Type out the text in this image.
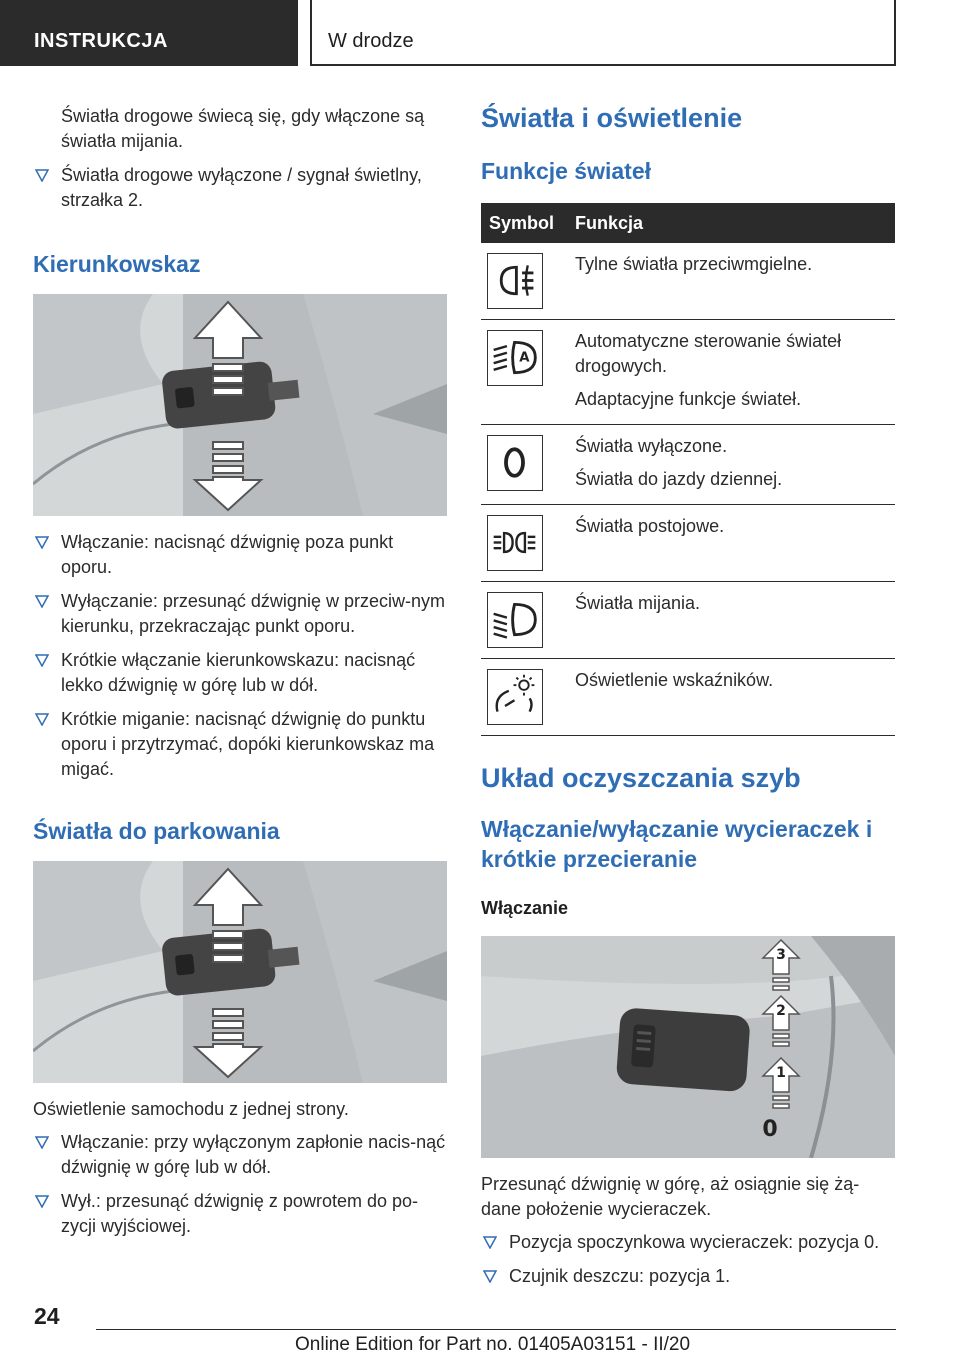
INSTRUKCJA	W drodze
Światła drogowe świecą się, gdy włączone są światła mijania.
Światła drogowe wyłączone / sygnał świetlny, strzałka 2.
Kierunkowskaz
Włączanie: nacisnąć dźwignię poza punkt oporu.
Wyłączanie: przesunąć dźwignię w przeciw-nym kierunku, przekraczając punkt oporu.
Krótkie włączanie kierunkowskazu: nacisnąć lekko dźwignię w górę lub w dół.
Krótkie miganie: nacisnąć dźwignię do punktu oporu i przytrzymać, dopóki kierunkowskaz ma migać.
Światła do parkowania
Oświetlenie samochodu z jednej strony.
Włączanie: przy wyłączonym zapłonie nacis-nąć dźwignię w górę lub w dół.
Wył.: przesunąć dźwignię z powrotem do po-zycji wyjściowej.
Światła i oświetlenie
Funkcje świateł
Symbol	Funkcja

Tylne światła przeciwmgielne.

A	Automatyczne sterowanie świateł drogowych.
Adaptacyjne funkcje świateł.

Światła wyłączone.
Światła do jazdy dziennej.

Światła postojowe.

Światła mijania.

Oświetlenie wskaźników.
Układ oczyszczania szyb
Włączanie/wyłączanie wycieraczek i krótkie przecieranie
Włączanie
3
2
1
0
Przesunąć dźwignię w górę, aż osiągnie się żą-dane położenie wycieraczek.
Pozycja spoczynkowa wycieraczek: pozycja 0.
Czujnik deszczu: pozycja 1.
24
Online Edition for Part no. 01405A03151 - II/20
